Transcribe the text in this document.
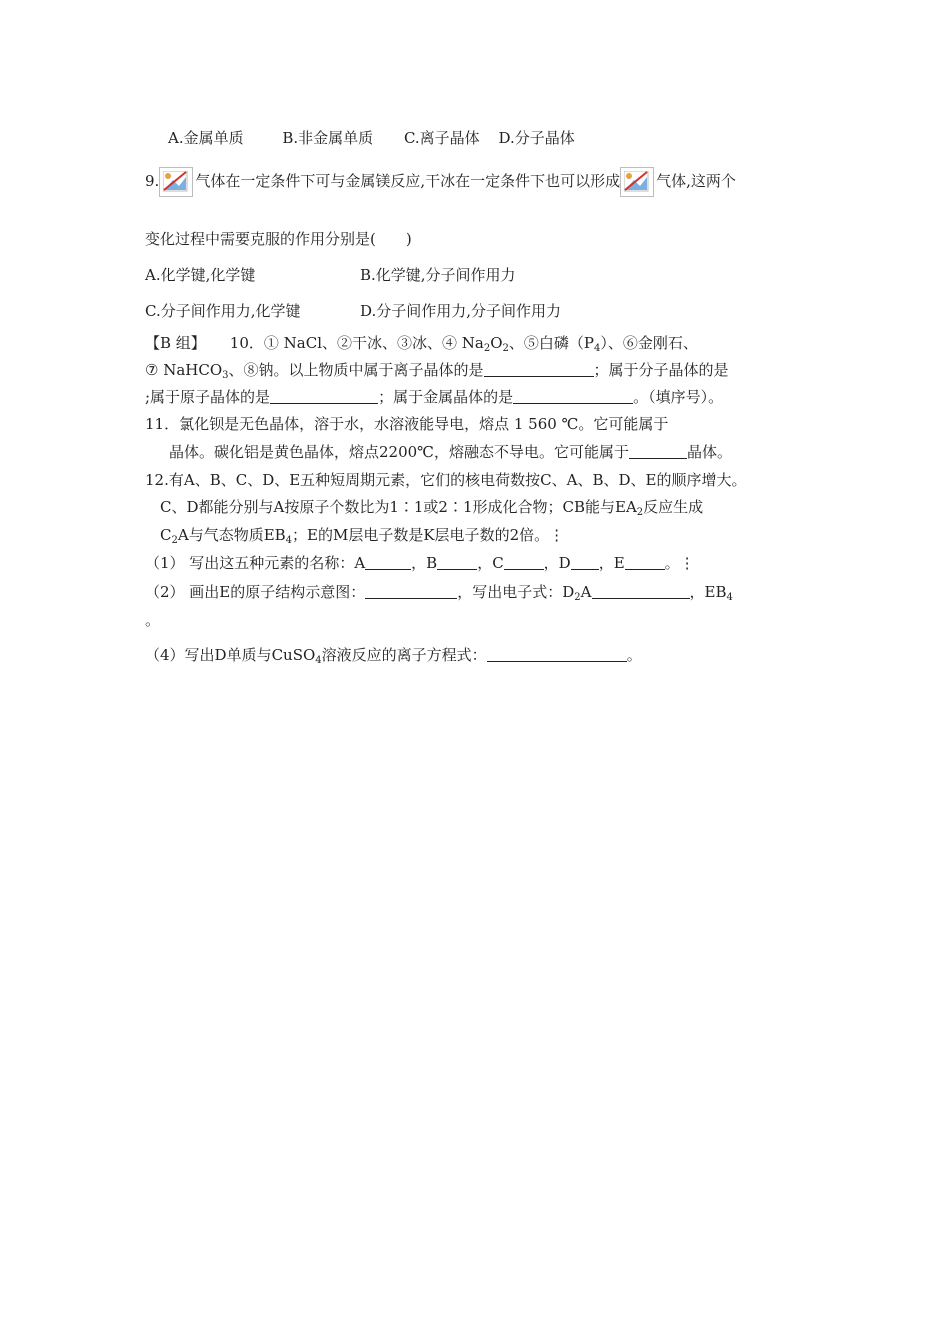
A.金属单质	B.非金属单质 C.离子晶体 D.分子晶体
9. 气体在一定条件下可与金属镁反应,干冰在一定条件下也可以形成 气体,这两个
变化过程中需要克服的作用分别是(　　)
A.化学键,化学键	B.化学键,分子间作用力
C.分子间作用力,化学键	D.分子间作用力,分子间作用力
【B 组】 10．① NaCl、②干冰、③冰、④ $Na_2O_2$、⑤白磷$(P_4)$、⑥金刚石、
⑦ NaHCO$_3$、⑧钠。以上物质中属于离子晶体的是	；属于分子晶体的是
;属于原子晶体的是	；属于金属晶体的是	。（填序号）。
11．氯化钡是无色晶体，溶于水，水溶液能导电，熔点 1 560 ℃。它可能属于
晶体。碳化铝是黄色晶体，熔点2200℃，熔融态不导电。它可能属于	晶体。
12.有A、B、C、D、E五种短周期元素，它们的核电荷数按C、A、B、D、E的顺序增大。
C、D都能分别与A按原子个数比为1∶1或2∶1形成化合物；CB能与$EA_2$反应生成
$C_2A$与气态物质$EB_4$；E的M层电子数是K层电子数的2倍。⋮
（1） 写出这五种元素的名称：A	，B	，C	，D ，E	。⋮
（2） 画出E的原子结构示意图：	，写出电子式：$D_2A$	，$EB_4$
。
（4）写出D单质与CuSO$_4$溶液反应的离子方程式：	。
